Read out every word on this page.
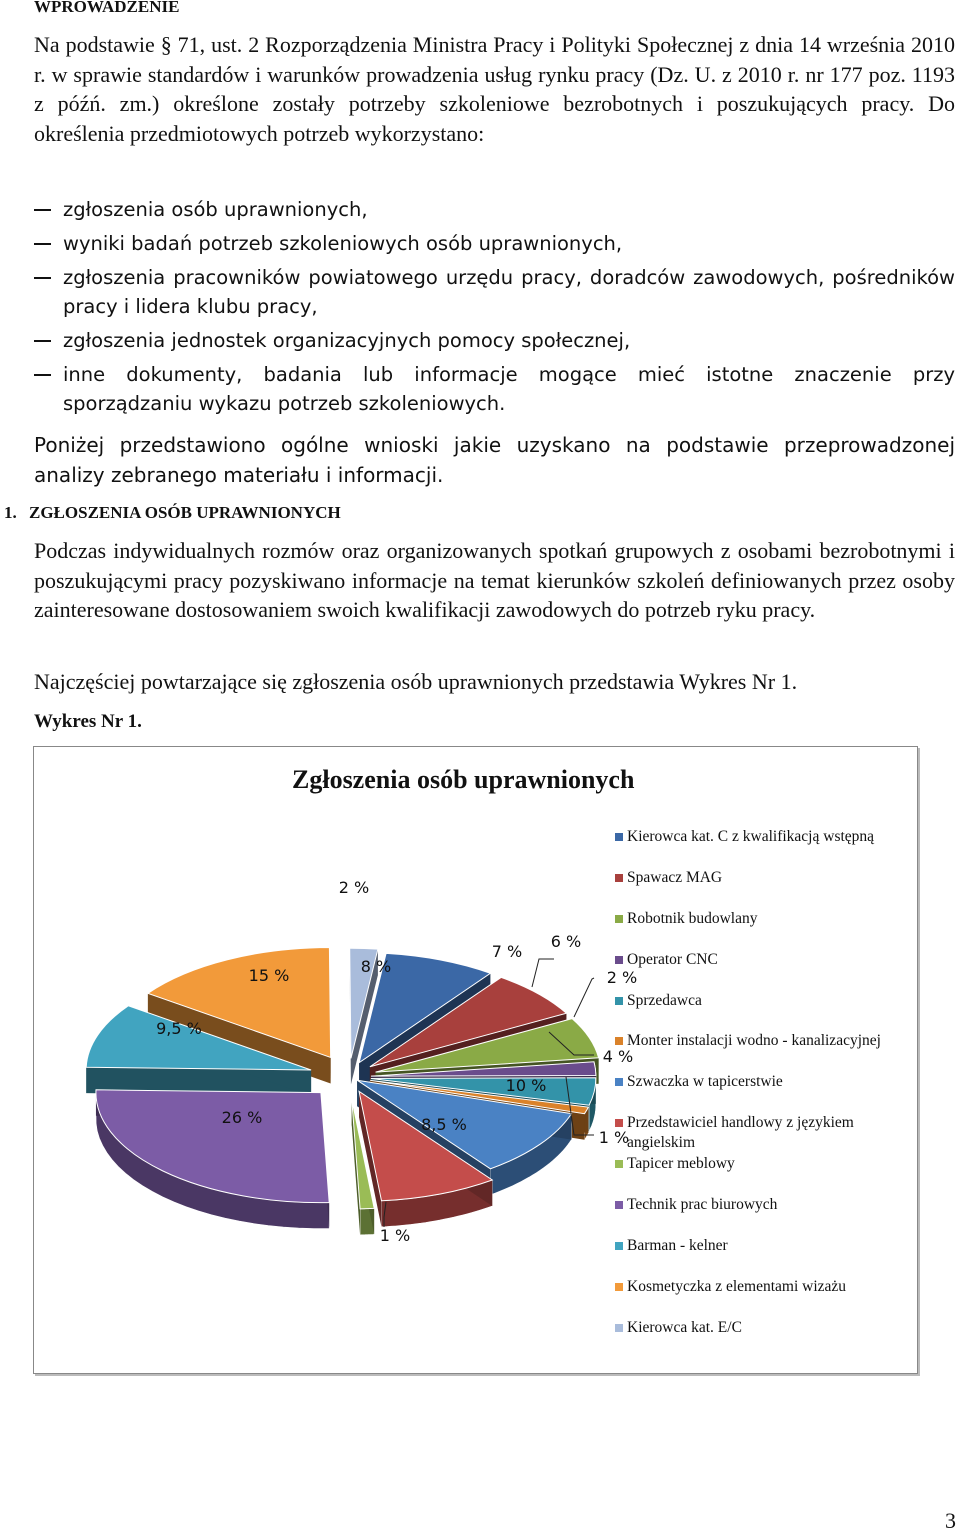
WPROWADZENIE

Na podstawie § 71, ust. 2 Rozporządzenia Ministra Pracy i Polityki Społecznej z dnia 14 września 2010 r. w sprawie standardów i warunków prowadzenia usług rynku pracy (Dz. U. z 2010 r. nr 177 poz. 1193 z późń. zm.) określone zostały potrzeby szkoleniowe bezrobotnych i poszukujących pracy. Do określenia przedmiotowych potrzeb wykorzystano:

zgłoszenia osób uprawnionych,
wyniki badań potrzeb szkoleniowych osób uprawnionych,
zgłoszenia pracowników powiatowego urzędu pracy, doradców zawodowych, pośredników pracy i lidera klubu pracy,
zgłoszenia jednostek organizacyjnych pomocy społecznej,
inne dokumenty, badania lub informacje mogące mieć istotne znaczenie przy sporządzaniu wykazu potrzeb szkoleniowych.

Poniżej przedstawiono ogólne wnioski jakie uzyskano na podstawie przeprowadzonej analizy zebranego materiału i informacji.

1. ZGŁOSZENIA OSÓB UPRAWNIONYCH

Podczas indywidualnych rozmów oraz organizowanych spotkań grupowych z osobami bezrobotnymi i poszukującymi pracy pozyskiwano informacje na temat kierunków szkoleń definiowanych przez osoby zainteresowane dostosowaniem swoich kwalifikacji zawodowych do potrzeb ryku pracy.

Najczęściej powtarzające się zgłoszenia osób uprawnionych przedstawia Wykres Nr 1.

Wykres Nr 1.
Zgłoszenia osób uprawnionych
8 %
7 %
6 %
2 %
4 %
1 %
10 %
8,5 %
1 %
26 %
9,5 %
15 %
2 %
Kierowca kat. C z kwalifikacją wstępną
Spawacz MAG
Robotnik budowlany
Operator CNC
Sprzedawca
Monter instalacji wodno - kanalizacyjnej
Szwaczka w tapicerstwie
Przedstawiciel handlowy z językiem angielskim
Tapicer meblowy
Technik prac biurowych
Barman - kelner
Kosmetyczka z elementami wizażu
Kierowca kat. E/C
3
